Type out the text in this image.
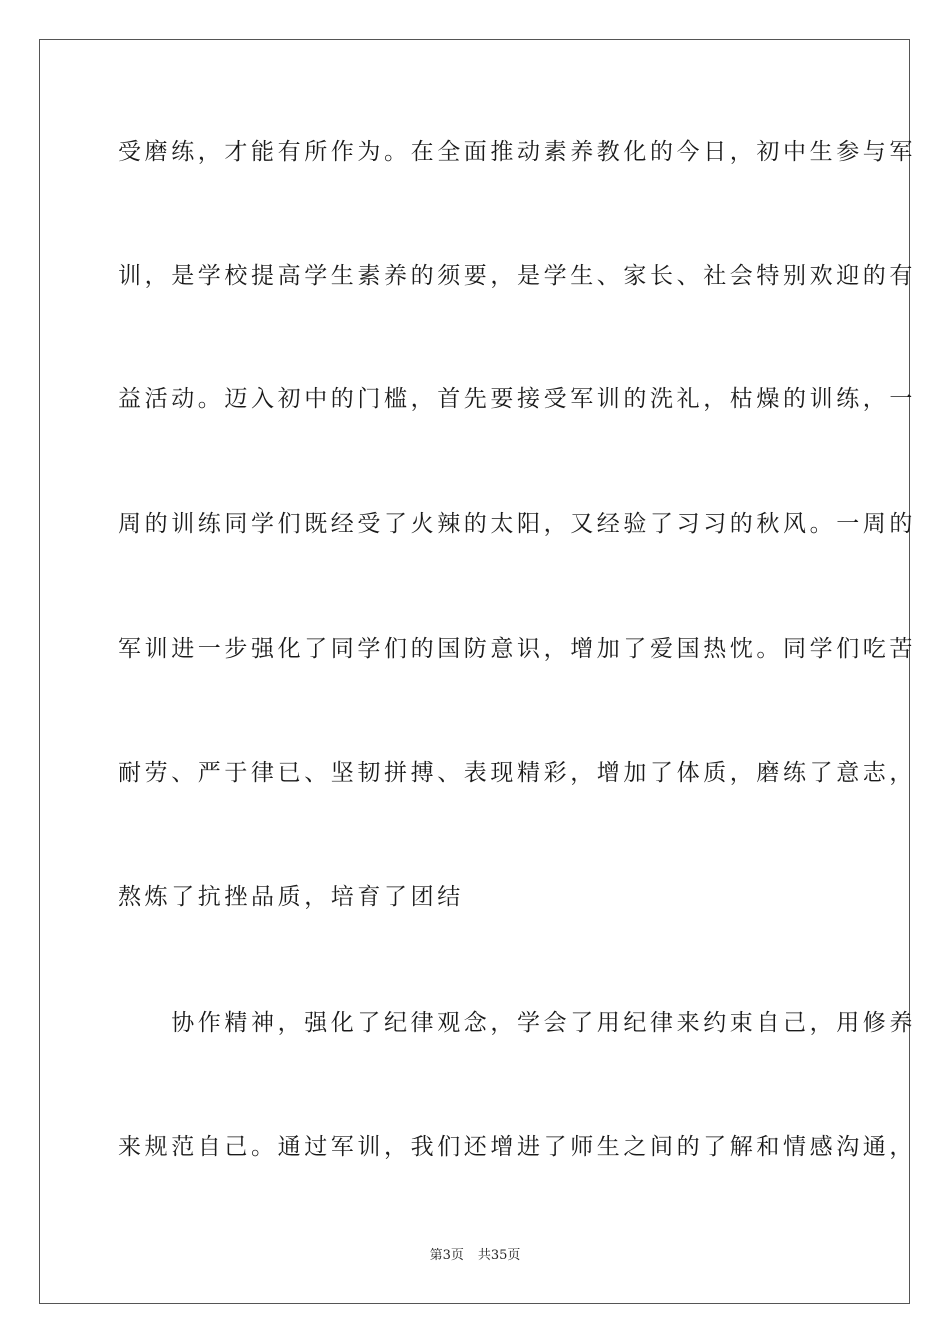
受磨练，才能有所作为。在全面推动素养教化的今日，初中生参与军
训，是学校提高学生素养的须要，是学生、家长、社会特别欢迎的有
益活动。迈入初中的门槛，首先要接受军训的洗礼，枯燥的训练，一
周的训练同学们既经受了火辣的太阳，又经验了习习的秋风。一周的
军训进一步强化了同学们的国防意识，增加了爱国热忱。同学们吃苦
耐劳、严于律已、坚韧拼搏、表现精彩，增加了体质，磨练了意志，
熬炼了抗挫品质，培育了团结
　　协作精神，强化了纪律观念，学会了用纪律来约束自己，用修养
来规范自己。通过军训，我们还增进了师生之间的了解和情感沟通，
第3页 共35页
